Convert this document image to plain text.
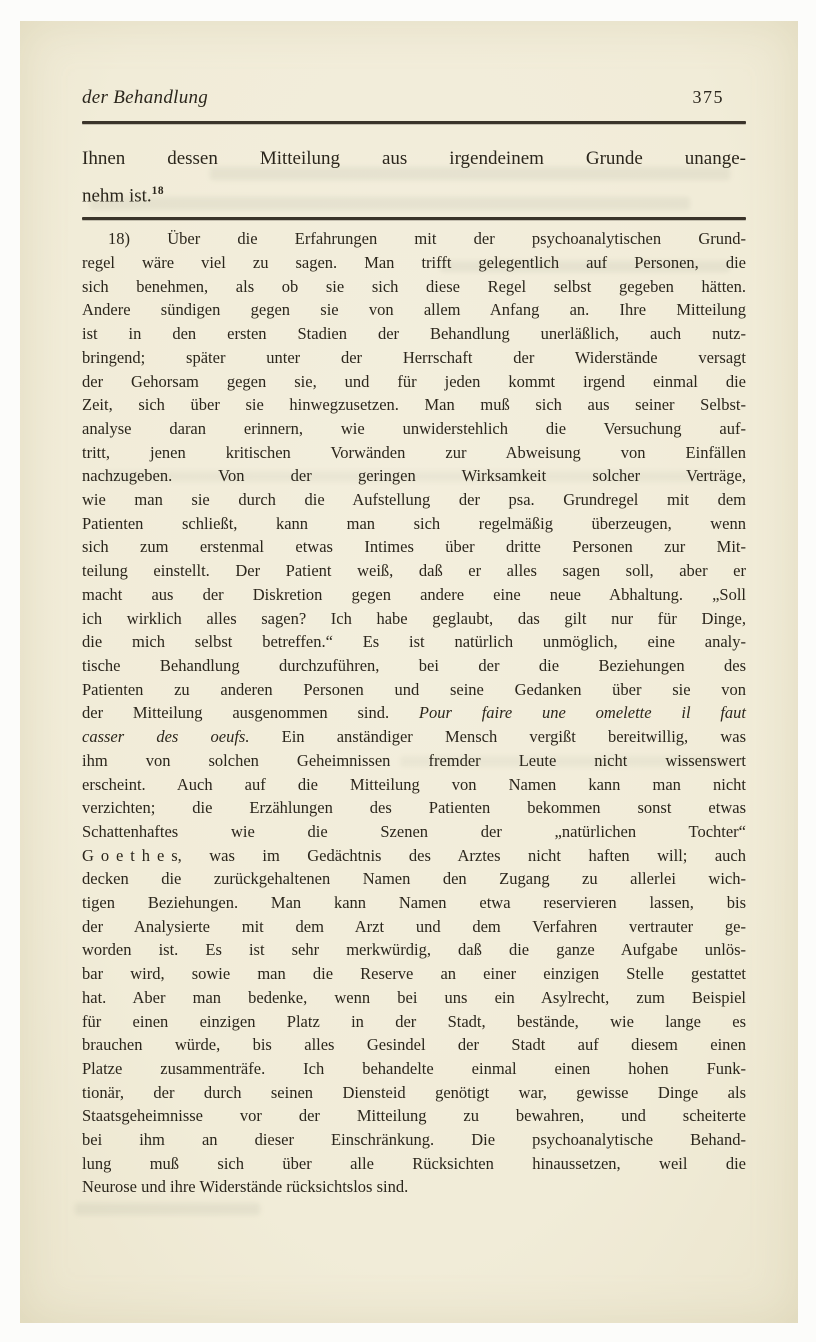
der Behandlung	375
Ihnen dessen Mitteilung aus irgendeinem Grunde unange-
nehm ist.$^{18}$
18) Über die Erfahrungen mit der psychoanalytischen Grund-
regel wäre viel zu sagen. Man trifft gelegentlich auf Personen, die
sich benehmen, als ob sie sich diese Regel selbst gegeben hätten.
Andere sündigen gegen sie von allem Anfang an. Ihre Mitteilung
ist in den ersten Stadien der Behandlung unerläßlich, auch nutz-
bringend; später unter der Herrschaft der Widerstände versagt
der Gehorsam gegen sie, und für jeden kommt irgend einmal die
Zeit, sich über sie hinwegzusetzen. Man muß sich aus seiner Selbst-
analyse daran erinnern, wie unwiderstehlich die Versuchung auf-
tritt, jenen kritischen Vorwänden zur Abweisung von Einfällen
nachzugeben. Von der geringen Wirksamkeit solcher Verträge,
wie man sie durch die Aufstellung der psa. Grundregel mit dem
Patienten schließt, kann man sich regelmäßig überzeugen, wenn
sich zum erstenmal etwas Intimes über dritte Personen zur Mit-
teilung einstellt. Der Patient weiß, daß er alles sagen soll, aber er
macht aus der Diskretion gegen andere eine neue Abhaltung. „Soll
ich wirklich alles sagen? Ich habe geglaubt, das gilt nur für Dinge,
die mich selbst betreffen.“ Es ist natürlich unmöglich, eine analy-
tische Behandlung durchzuführen, bei der die Beziehungen des
Patienten zu anderen Personen und seine Gedanken über sie von
der Mitteilung ausgenommen sind. Pour faire une omelette il faut
casser des oeufs. Ein anständiger Mensch vergißt bereitwillig, was
ihm von solchen Geheimnissen fremder Leute nicht wissenswert
erscheint. Auch auf die Mitteilung von Namen kann man nicht
verzichten; die Erzählungen des Patienten bekommen sonst etwas
Schattenhaftes wie die Szenen der „natürlichen Tochter“
Goethes, was im Gedächtnis des Arztes nicht haften will; auch
decken die zurückgehaltenen Namen den Zugang zu allerlei wich-
tigen Beziehungen. Man kann Namen etwa reservieren lassen, bis
der Analysierte mit dem Arzt und dem Verfahren vertrauter ge-
worden ist. Es ist sehr merkwürdig, daß die ganze Aufgabe unlös-
bar wird, sowie man die Reserve an einer einzigen Stelle gestattet
hat. Aber man bedenke, wenn bei uns ein Asylrecht, zum Beispiel
für einen einzigen Platz in der Stadt, bestände, wie lange es
brauchen würde, bis alles Gesindel der Stadt auf diesem einen
Platze zusammenträfe. Ich behandelte einmal einen hohen Funk-
tionär, der durch seinen Diensteid genötigt war, gewisse Dinge als
Staatsgeheimnisse vor der Mitteilung zu bewahren, und scheiterte
bei ihm an dieser Einschränkung. Die psychoanalytische Behand-
lung muß sich über alle Rücksichten hinaussetzen, weil die
Neurose und ihre Widerstände rücksichtslos sind.
